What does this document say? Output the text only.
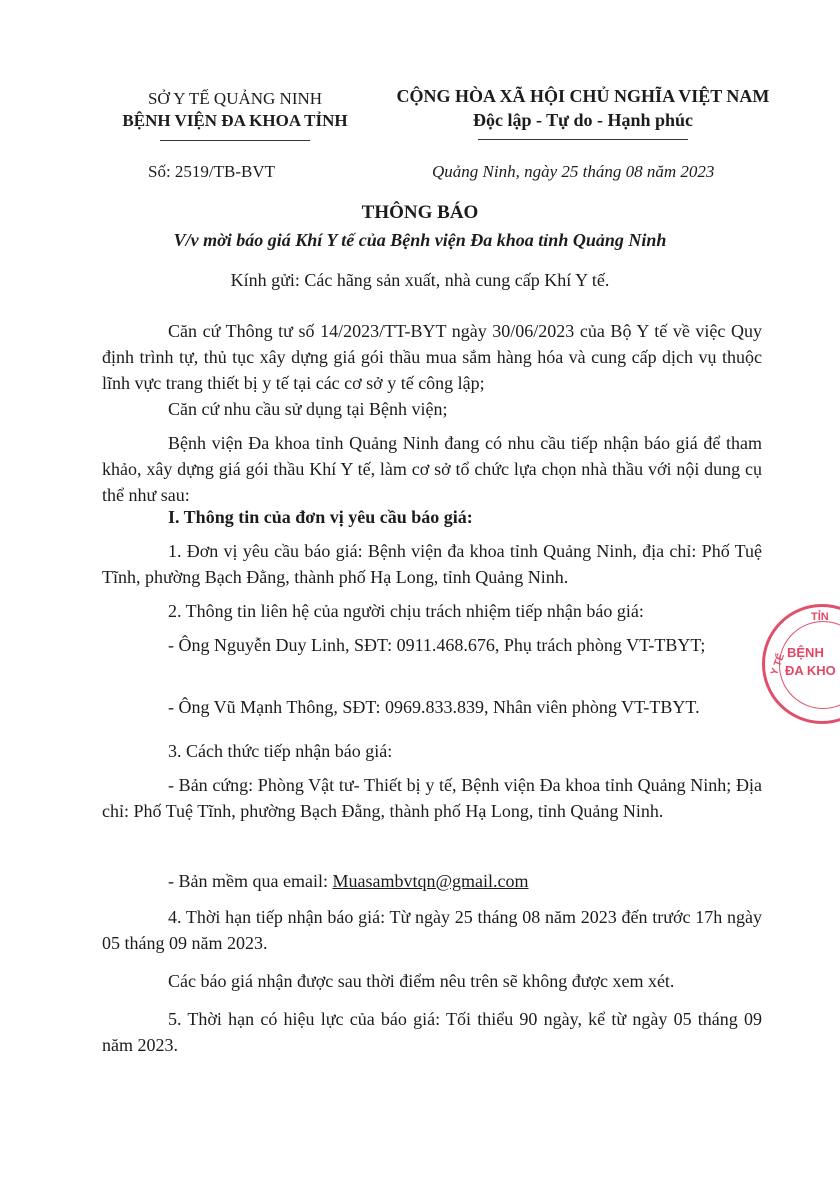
SỞ Y TẾ QUẢNG NINH
BỆNH VIỆN ĐA KHOA TỈNH
CỘNG HÒA XÃ HỘI CHỦ NGHĨA VIỆT NAM
Độc lập - Tự do - Hạnh phúc
Số: 2519/TB-BVT	Quảng Ninh, ngày 25 tháng 08 năm 2023
THÔNG BÁO
V/v mời báo giá Khí Y tế của Bệnh viện Đa khoa tỉnh Quảng Ninh
Kính gửi: Các hãng sản xuất, nhà cung cấp Khí Y tế.

Căn cứ Thông tư số 14/2023/TT-BYT ngày 30/06/2023 của Bộ Y tế về việc Quy định trình tự, thủ tục xây dựng giá gói thầu mua sắm hàng hóa và cung cấp dịch vụ thuộc lĩnh vực trang thiết bị y tế tại các cơ sở y tế công lập;

Căn cứ nhu cầu sử dụng tại Bệnh viện;

Bệnh viện Đa khoa tỉnh Quảng Ninh đang có nhu cầu tiếp nhận báo giá để tham khảo, xây dựng giá gói thầu Khí Y tế, làm cơ sở tổ chức lựa chọn nhà thầu với nội dung cụ thể như sau:

I. Thông tin của đơn vị yêu cầu báo giá:

1. Đơn vị yêu cầu báo giá: Bệnh viện đa khoa tỉnh Quảng Ninh, địa chỉ: Phố Tuệ Tĩnh, phường Bạch Đằng, thành phố Hạ Long, tỉnh Quảng Ninh.

2. Thông tin liên hệ của người chịu trách nhiệm tiếp nhận báo giá:

- Ông Nguyễn Duy Linh, SĐT: 0911.468.676, Phụ trách phòng VT-TBYT;

- Ông Vũ Mạnh Thông, SĐT: 0969.833.839, Nhân viên phòng VT-TBYT.

3. Cách thức tiếp nhận báo giá:

- Bản cứng: Phòng Vật tư- Thiết bị y tế, Bệnh viện Đa khoa tỉnh Quảng Ninh; Địa chỉ: Phố Tuệ Tĩnh, phường Bạch Đằng, thành phố Hạ Long, tỉnh Quảng Ninh.

- Bản mềm qua email: Muasambvtqn@gmail.com

4. Thời hạn tiếp nhận báo giá: Từ ngày 25 tháng 08 năm 2023 đến trước 17h ngày 05 tháng 09 năm 2023.

Các báo giá nhận được sau thời điểm nêu trên sẽ không được xem xét.

5. Thời hạn có hiệu lực của báo giá: Tối thiểu 90 ngày, kể từ ngày 05 tháng 09 năm 2023.

TỈN
Y TẾ BỆNH
ĐA KHO
